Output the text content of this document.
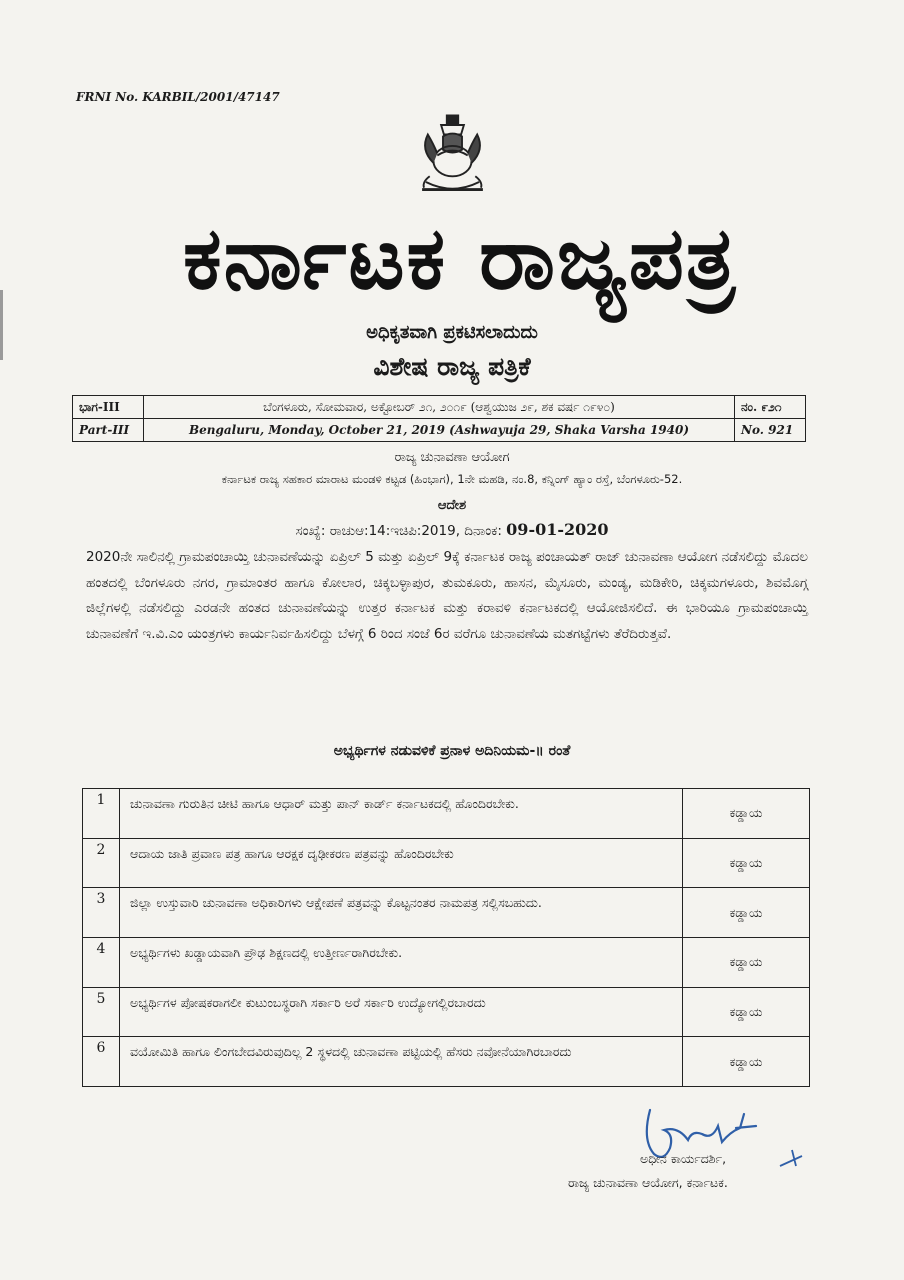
FRNI No. KARBIL/2001/47147
ಕರ್ನಾಟಕ ರಾಜ್ಯಪತ್ರ
ಅಧಿಕೃತವಾಗಿ ಪ್ರಕಟಿಸಲಾದುದು
ವಿಶೇಷ ರಾಜ್ಯ ಪತ್ರಿಕೆ
ಭಾಗ-III	ಬೆಂಗಳೂರು, ಸೋಮವಾರ, ಅಕ್ಟೋಬರ್ ೨೧, ೨೦೧೯ (ಆಶ್ವಯುಜ ೨೯, ಶಕ ವರ್ಷ ೧೯೪೦)	ನಂ. ೯೨೧
Part-III	Bengaluru, Monday, October 21, 2019 (Ashwayuja 29, Shaka Varsha 1940)	No. 921
ರಾಜ್ಯ ಚುನಾವಣಾ ಆಯೋಗ
ಕರ್ನಾಟಕ ರಾಜ್ಯ ಸಹಕಾರ ಮಾರಾಟ ಮಂಡಳಿ ಕಟ್ಟಡ (ಹಿಂಭಾಗ), 1ನೇ ಮಹಡಿ, ನಂ.8, ಕನ್ನಿಂಗ್ ಹ್ಯಾಂ ರಸ್ತೆ, ಬೆಂಗಳೂರು-52.
ಆದೇಶ
ಸಂಖ್ಯೆ: ರಾಚುಆ:14:ಇಚಿಪಿ:2019, ದಿನಾಂಕ: 09-01-2020
2020ನೇ ಸಾಲಿನಲ್ಲಿ ಗ್ರಾಮಪಂಚಾಯ್ತಿ ಚುನಾವಣೆಯನ್ನು ಏಪ್ರಿಲ್ 5 ಮತ್ತು ಏಪ್ರಿಲ್ 9ಕ್ಕೆ ಕರ್ನಾಟಕ ರಾಜ್ಯ ಪಂಚಾಯತ್ ರಾಜ್ ಚುನಾವಣಾ ಆಯೋಗ ನಡೆಸಲಿದ್ದು ಮೊದಲ ಹಂತದಲ್ಲಿ ಬೆಂಗಳೂರು ನಗರ, ಗ್ರಾಮಾಂತರ ಹಾಗೂ ಕೋಲಾರ, ಚಿಕ್ಕಬಳ್ಳಾಪುರ, ತುಮಕೂರು, ಹಾಸನ, ಮೈಸೂರು, ಮಂಡ್ಯ, ಮಡಿಕೇರಿ, ಚಿಕ್ಕಮಗಳೂರು, ಶಿವಮೊಗ್ಗ ಜಿಲ್ಲೆಗಳಲ್ಲಿ ನಡೆಸಲಿದ್ದು ಎರಡನೇ ಹಂತದ ಚುನಾವಣೆಯನ್ನು ಉತ್ತರ ಕರ್ನಾಟಕ ಮತ್ತು ಕರಾವಳಿ ಕರ್ನಾಟಕದಲ್ಲಿ ಆಯೋಜಿಸಲಿದೆ. ಈ ಭಾರಿಯೂ ಗ್ರಾಮಪಂಚಾಯ್ತಿ ಚುನಾವಣೆಗೆ ಇ.ವಿ.ಎಂ ಯಂತ್ರಗಳು ಕಾರ್ಯನಿರ್ವಹಿಸಲಿದ್ದು ಬೆಳಗ್ಗೆ 6 ರಿಂದ ಸಂಜೆ 6ರ ವರೆಗೂ ಚುನಾವಣೆಯ ಮತಗಟ್ಟೆಗಳು ತೆರೆದಿರುತ್ತವೆ.
ಅಭ್ಯರ್ಥಿಗಳ ನಡುವಳಿಕೆ ಪ್ರನಾಳ ಅದಿನಿಯಮ-॥ ರಂತೆ
1	ಚುನಾವಣಾ ಗುರುತಿನ ಚೀಟಿ ಹಾಗೂ ಆಧಾರ್ ಮತ್ತು ಪಾನ್ ಕಾರ್ಡ್ ಕರ್ನಾಟಕದಲ್ಲಿ ಹೊಂದಿರಬೇಕು.	ಕಡ್ಡಾಯ
2	ಆದಾಯ ಜಾತಿ ಪ್ರವಾಣ ಪತ್ರ ಹಾಗೂ ಆರಕ್ಷಕ ದೃಢೀಕರಣ ಪತ್ರವನ್ನು ಹೊಂದಿರಬೇಕು	ಕಡ್ಡಾಯ
3	ಜಿಲ್ಲಾ ಉಸ್ತುವಾರಿ ಚುನಾವಣಾ ಅಧಿಕಾರಿಗಳು ಆಕ್ಷೇಪಣೆ ಪತ್ರವನ್ನು ಕೊಟ್ಟನಂತರ ನಾಮಪತ್ರ ಸಲ್ಲಿಸಬಹುದು.	ಕಡ್ಡಾಯ
4	ಅಭ್ಯರ್ಥಿಗಳು ಖಡ್ಡಾಯವಾಗಿ ಪ್ರೌಢ ಶಿಕ್ಷಣದಲ್ಲಿ ಉತ್ತೀರ್ಣರಾಗಿರಬೇಕು.	ಕಡ್ಡಾಯ
5	ಅಭ್ಯರ್ಥಿಗಳ ಪೋಷಕರಾಗಲೀ ಕುಟುಂಬಸ್ಥರಾಗಿ ಸರ್ಕಾರಿ ಅರೆ ಸರ್ಕಾರಿ ಉದ್ಯೋಗಲ್ಲಿರಬಾರದು	ಕಡ್ಡಾಯ
6	ವಯೋಮಿತಿ ಹಾಗೂ ಲಿಂಗಬೇದವಿರುವುದಿಲ್ಲ 2 ಸ್ಥಳದಲ್ಲಿ ಚುನಾವಣಾ ಪಟ್ಟಿಯಲ್ಲಿ ಹೆಸರು ನವೋನೆಯಾಗಿರಬಾರದು	ಕಡ್ಡಾಯ
ಅಧೀನ ಕಾರ್ಯದರ್ಶಿ,
ರಾಜ್ಯ ಚುನಾವಣಾ ಆಯೋಗ, ಕರ್ನಾಟಕ.
